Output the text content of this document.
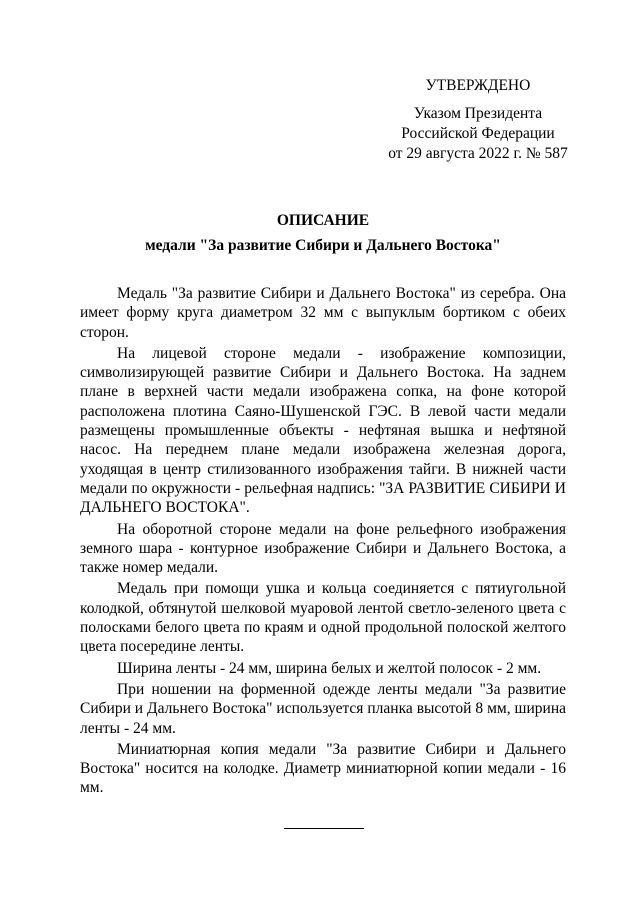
УТВЕРЖДЕНО
Указом Президента
Российской Федерации
от 29 августа 2022 г. № 587
ОПИСАНИЕ
медали "За развитие Сибири и Дальнего Востока"

Медаль "За развитие Сибири и Дальнего Востока" из серебра. Она имеет форму круга диаметром 32 мм с выпуклым бортиком с обеих сторон.

На лицевой стороне медали - изображение композиции, символизирующей развитие Сибири и Дальнего Востока. На заднем плане в верхней части медали изображена сопка, на фоне которой расположена плотина Саяно-Шушенской ГЭС. В левой части медали размещены промышленные объекты - нефтяная вышка и нефтяной насос. На переднем плане медали изображена железная дорога, уходящая в центр стилизованного изображения тайги. В нижней части медали по окружности - рельефная надпись: "ЗА РАЗВИТИЕ СИБИРИ И ДАЛЬНЕГО ВОСТОКА".

На оборотной стороне медали на фоне рельефного изображения земного шара - контурное изображение Сибири и Дальнего Востока, а также номер медали.

Медаль при помощи ушка и кольца соединяется с пятиугольной колодкой, обтянутой шелковой муаровой лентой светло-зеленого цвета с полосками белого цвета по краям и одной продольной полоской желтого цвета посередине ленты.

Ширина ленты - 24 мм, ширина белых и желтой полосок - 2 мм.

При ношении на форменной одежде ленты медали "За развитие Сибири и Дальнего Востока" используется планка высотой 8 мм, ширина ленты - 24 мм.

Миниатюрная копия медали "За развитие Сибири и Дальнего Востока" носится на колодке. Диаметр миниатюрной копии медали - 16 мм.
